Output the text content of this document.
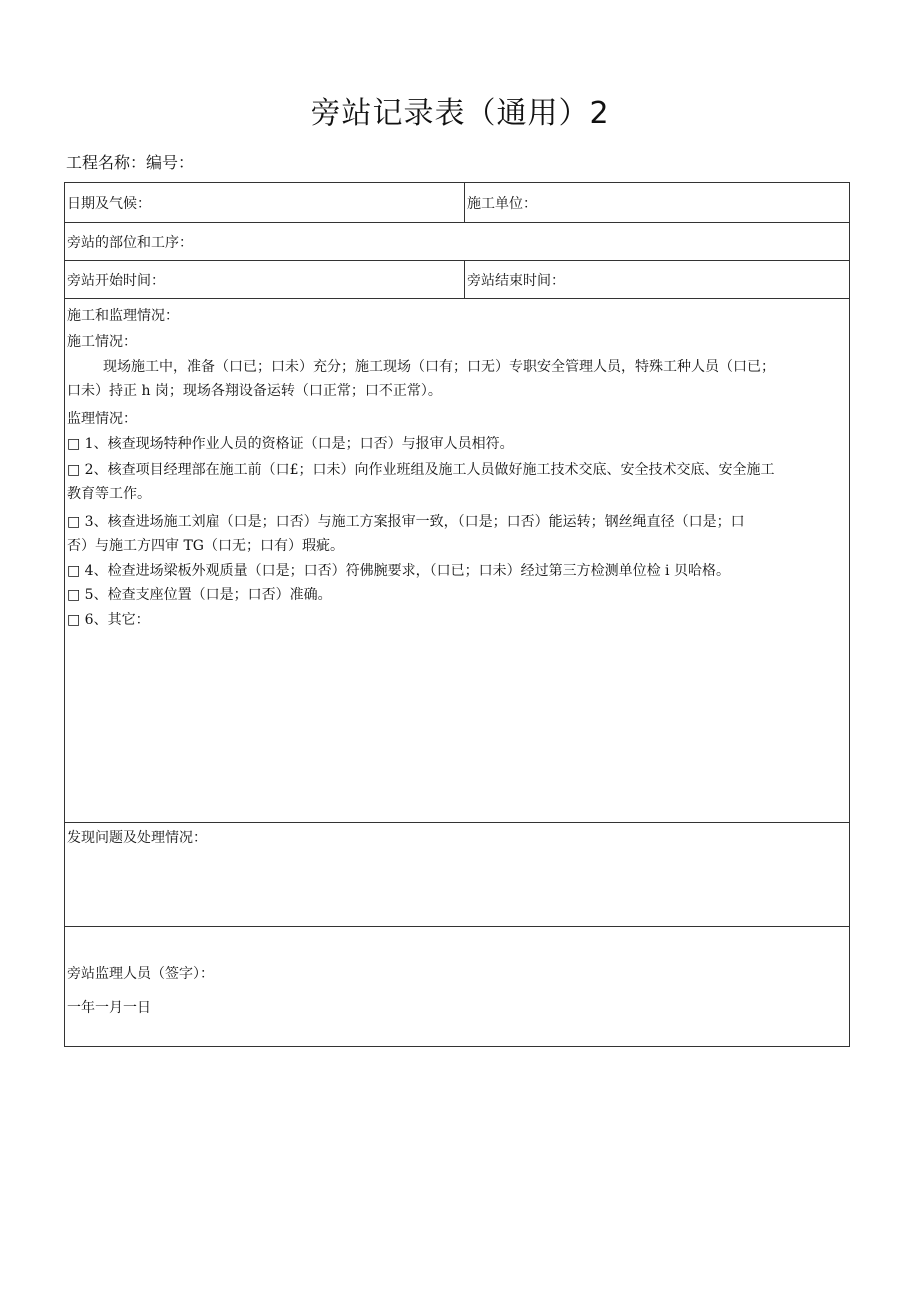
旁站记录表（通用）2
工程名称：编号：
日期及气候：	施工单位：
旁站的部位和工序：
旁站开始时间：	旁站结束时间：
施工和监理情况：
施工情况：
现场施工中，准备（口已；口未）充分；施工现场（口有；口无）专职安全管理人员，特殊工种人员（口已；
口未）持正 h 岗；现场各翔设备运转（口正常；口不正常）。
监理情况：
□ 1、核查现场特种作业人员的资格证（口是；口否）与报审人员相符。
□ 2、核查项目经理部在施工前（口£；口未）向作业班组及施工人员做好施工技术交底、安全技术交底、安全施工
教育等工作。
□ 3、核查进场施工刘雇（口是；口否）与施工方案报审一致，（口是；口否）能运转；钢丝绳直径（口是；口
否）与施工方四审 TG（口无；口有）瑕疵。
□ 4、检查进场梁板外观质量（口是；口否）符佛腕要求，（口已；口未）经过第三方检测单位检 i 贝哈格。
□ 5、检查支座位置（口是；口否）准确。
□ 6、其它：
发现问题及处理情况：
旁站监理人员（签字）：
一年一月一日
